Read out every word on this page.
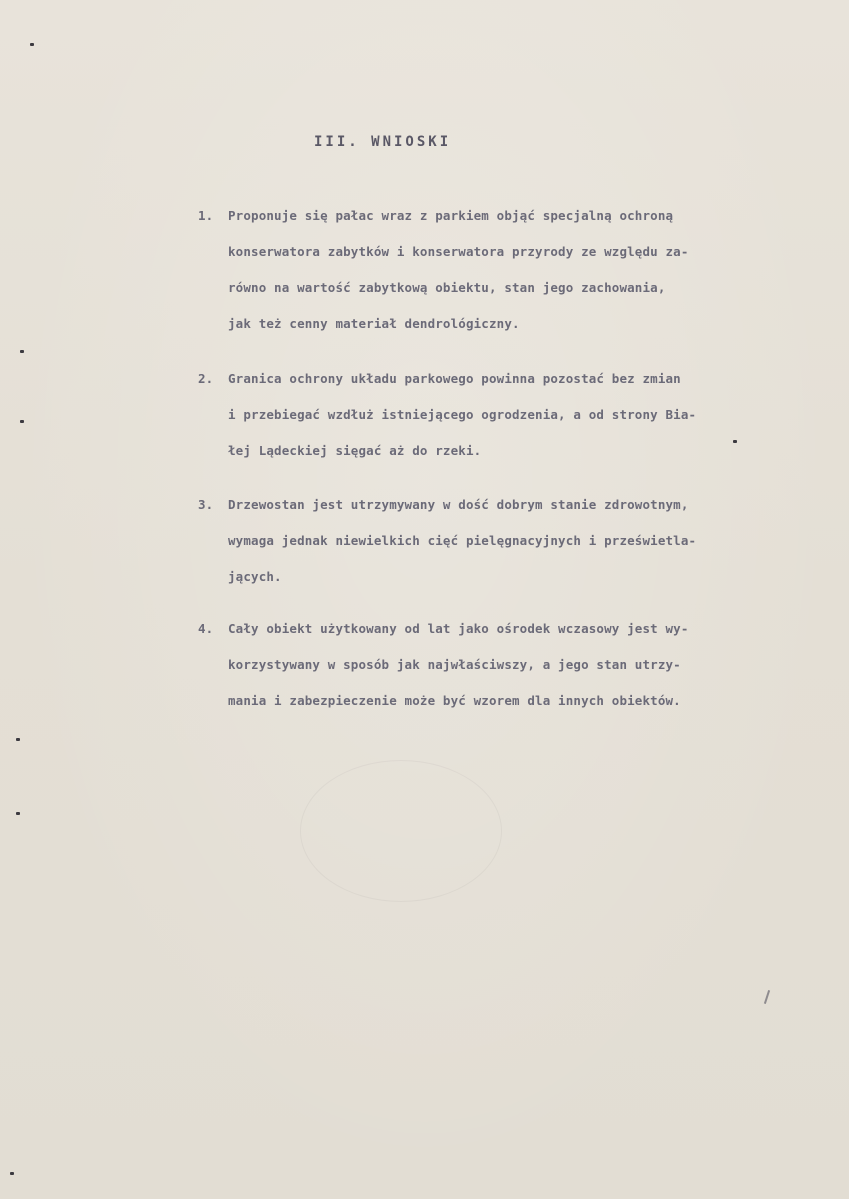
III. WNIOSKI
1.	Proponuje się pałac wraz z parkiem objąć specjalną ochroną
konserwatora zabytków i konserwatora przyrody ze względu za-
równo na wartość zabytkową obiektu, stan jego zachowania,
jak też cenny materiał dendrológiczny.
2.	Granica ochrony układu parkowego powinna pozostać bez zmian
i przebiegać wzdłuż istniejącego ogrodzenia, a od strony Bia-
łej Lądeckiej sięgać aż do rzeki.
3.	Drzewostan jest utrzymywany w dość dobrym stanie zdrowotnym,
wymaga jednak niewielkich cięć pielęgnacyjnych i prześwietla-
jących.
4.	Cały obiekt użytkowany od lat jako ośrodek wczasowy jest wy-
korzystywany w sposób jak najwłaściwszy, a jego stan utrzy-
mania i zabezpieczenie może być wzorem dla innych obiektów.
